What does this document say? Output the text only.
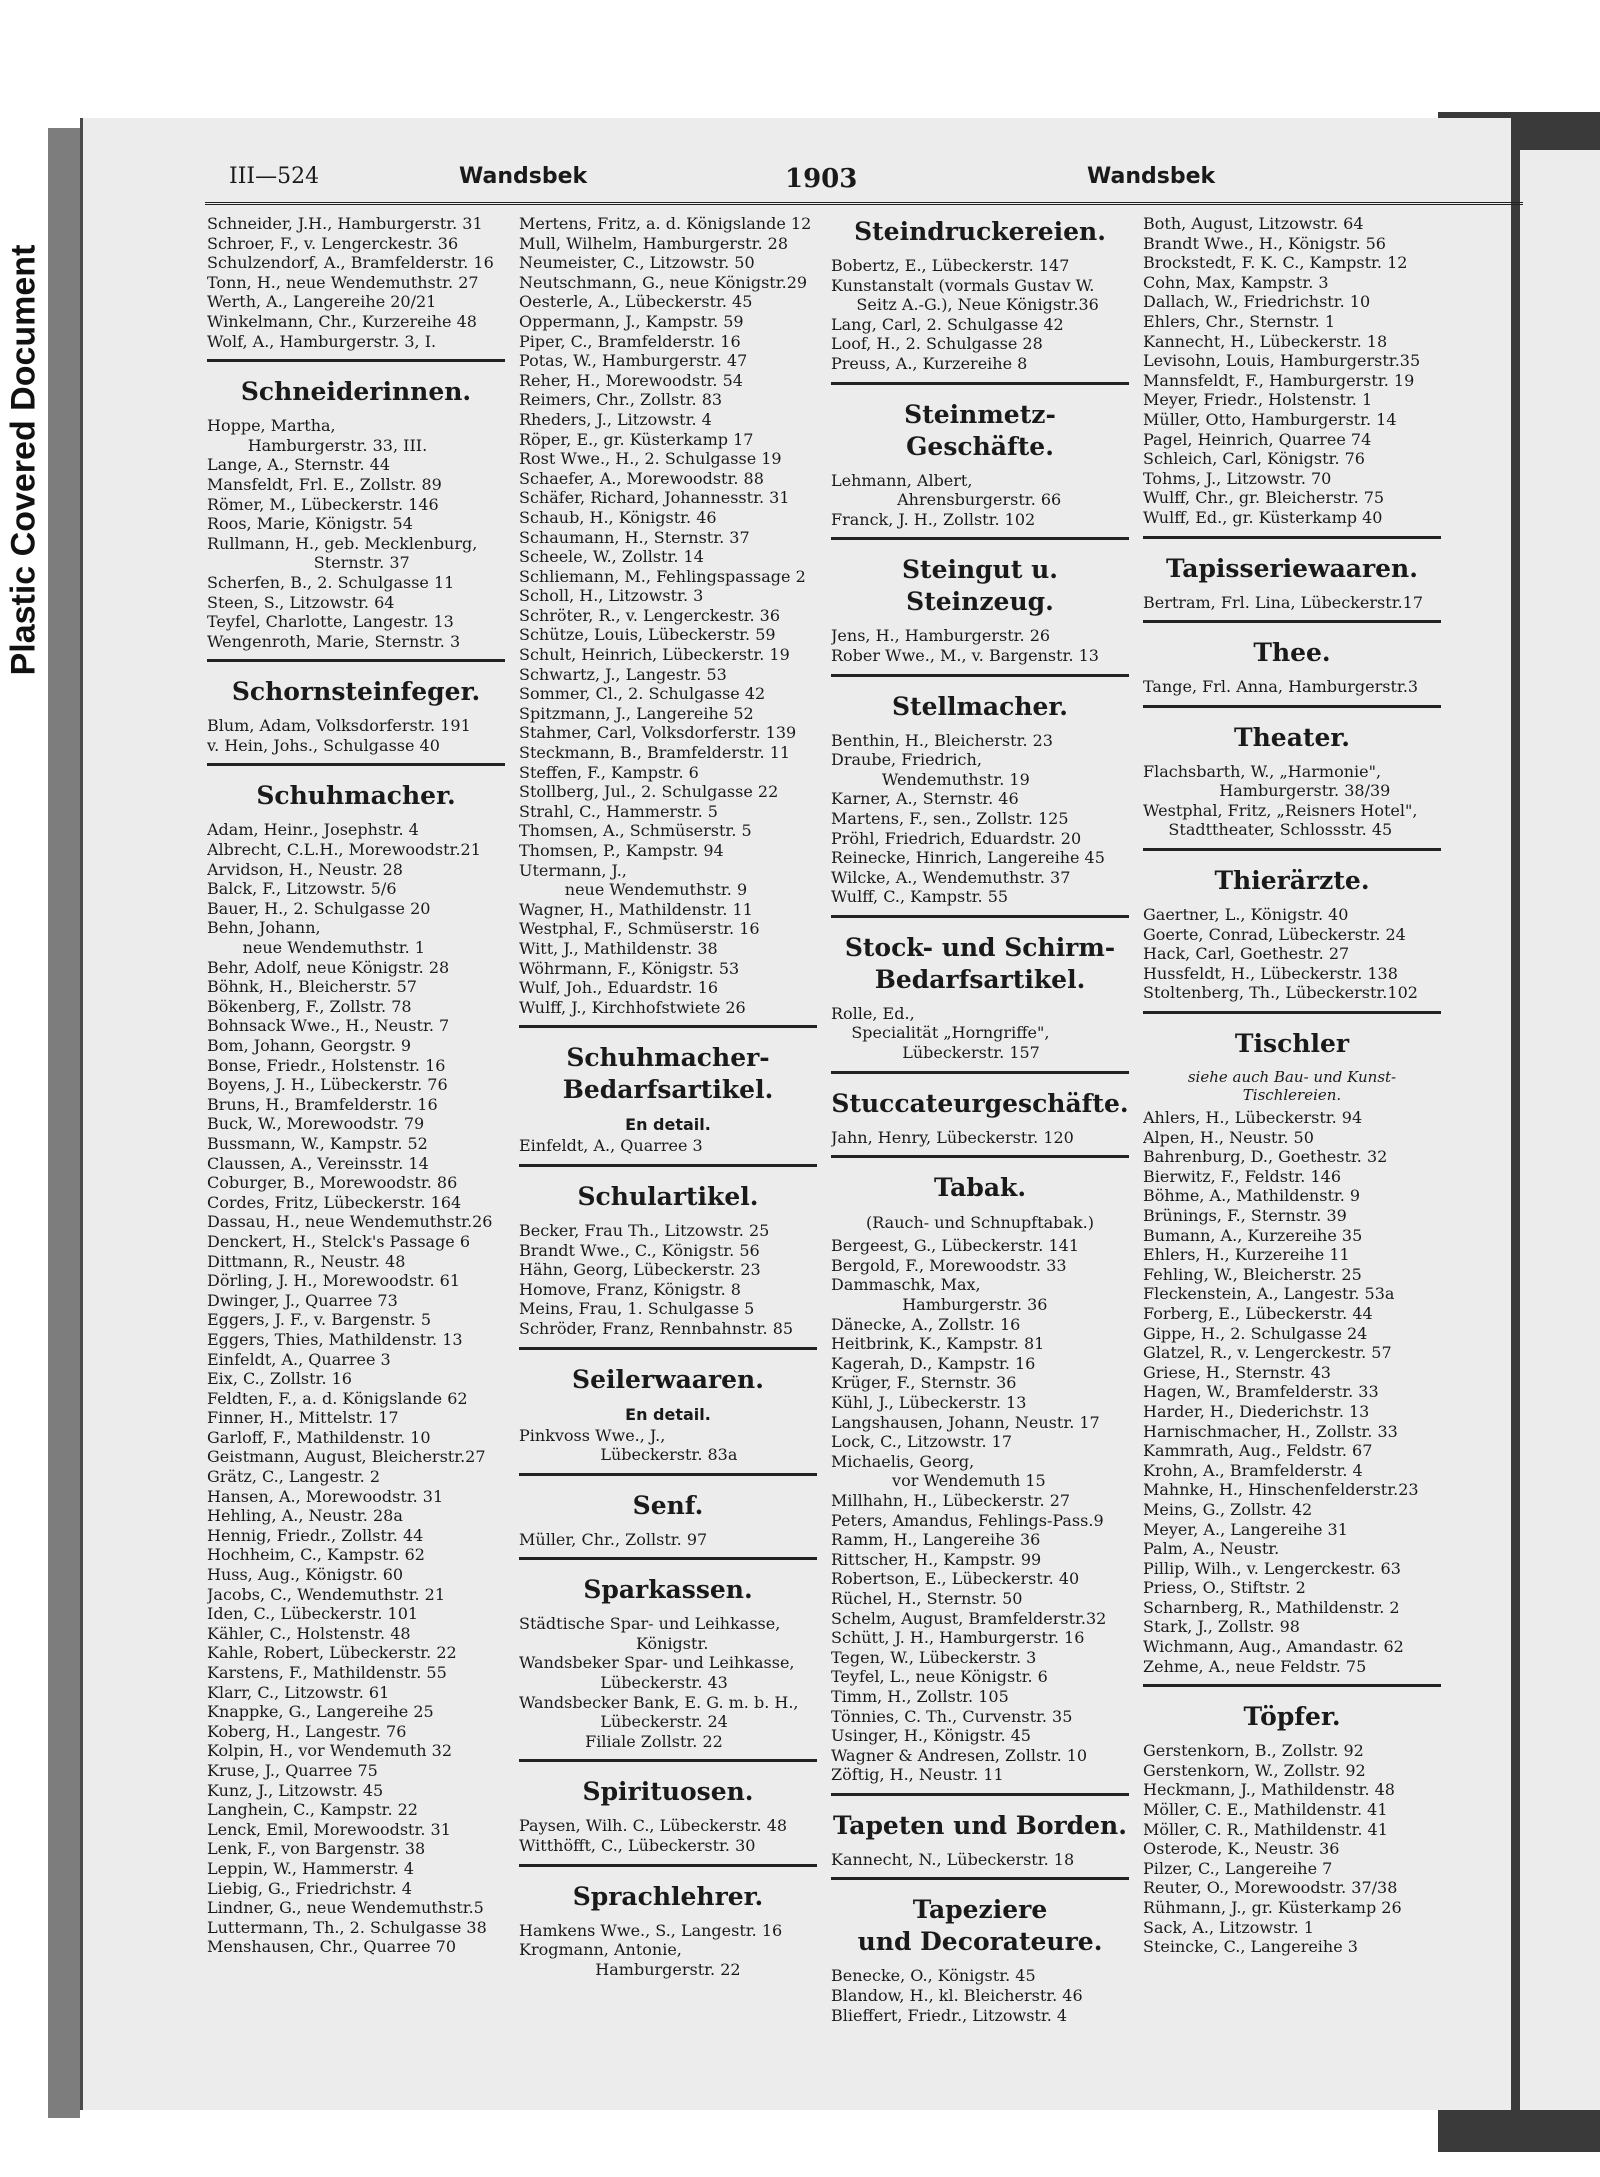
Plastic Covered Document
III—524	Wandsbek	1903	Wandsbek
Schneider, J.H., Hamburgerstr. 31
Schroer, F., v. Lengerckestr. 36
Schulzendorf, A., Bramfelderstr. 16
Tonn, H., neue Wendemuthstr. 27
Werth, A., Langereihe 20/21
Winkelmann, Chr., Kurzereihe 48
Wolf, A., Hamburgerstr. 3, I.
Schneiderinnen.
Hoppe, Martha,
Hamburgerstr. 33, III.
Lange, A., Sternstr. 44
Mansfeldt, Frl. E., Zollstr. 89
Römer, M., Lübeckerstr. 146
Roos, Marie, Königstr. 54
Rullmann, H., geb. Mecklenburg,
Sternstr. 37
Scherfen, B., 2. Schulgasse 11
Steen, S., Litzowstr. 64
Teyfel, Charlotte, Langestr. 13
Wengenroth, Marie, Sternstr. 3
Schornsteinfeger.
Blum, Adam, Volksdorferstr. 191
v. Hein, Johs., Schulgasse 40
Schuhmacher.
Adam, Heinr., Josephstr. 4
Albrecht, C.L.H., Morewoodstr.21
Arvidson, H., Neustr. 28
Balck, F., Litzowstr. 5/6
Bauer, H., 2. Schulgasse 20
Behn, Johann,
neue Wendemuthstr. 1
Behr, Adolf, neue Königstr. 28
Böhnk, H., Bleicherstr. 57
Bökenberg, F., Zollstr. 78
Bohnsack Wwe., H., Neustr. 7
Bom, Johann, Georgstr. 9
Bonse, Friedr., Holstenstr. 16
Boyens, J. H., Lübeckerstr. 76
Bruns, H., Bramfelderstr. 16
Buck, W., Morewoodstr. 79
Bussmann, W., Kampstr. 52
Claussen, A., Vereinsstr. 14
Coburger, B., Morewoodstr. 86
Cordes, Fritz, Lübeckerstr. 164
Dassau, H., neue Wendemuthstr.26
Denckert, H., Stelck's Passage 6
Dittmann, R., Neustr. 48
Dörling, J. H., Morewoodstr. 61
Dwinger, J., Quarree 73
Eggers, J. F., v. Bargenstr. 5
Eggers, Thies, Mathildenstr. 13
Einfeldt, A., Quarree 3
Eix, C., Zollstr. 16
Feldten, F., a. d. Königslande 62
Finner, H., Mittelstr. 17
Garloff, F., Mathildenstr. 10
Geistmann, August, Bleicherstr.27
Grätz, C., Langestr. 2
Hansen, A., Morewoodstr. 31
Hehling, A., Neustr. 28a
Hennig, Friedr., Zollstr. 44
Hochheim, C., Kampstr. 62
Huss, Aug., Königstr. 60
Jacobs, C., Wendemuthstr. 21
Iden, C., Lübeckerstr. 101
Kähler, C., Holstenstr. 48
Kahle, Robert, Lübeckerstr. 22
Karstens, F., Mathildenstr. 55
Klarr, C., Litzowstr. 61
Knappke, G., Langereihe 25
Koberg, H., Langestr. 76
Kolpin, H., vor Wendemuth 32
Kruse, J., Quarree 75
Kunz, J., Litzowstr. 45
Langhein, C., Kampstr. 22
Lenck, Emil, Morewoodstr. 31
Lenk, F., von Bargenstr. 38
Leppin, W., Hammerstr. 4
Liebig, G., Friedrichstr. 4
Lindner, G., neue Wendemuthstr.5
Luttermann, Th., 2. Schulgasse 38
Menshausen, Chr., Quarree 70
Mertens, Fritz, a. d. Königslande 12
Mull, Wilhelm, Hamburgerstr. 28
Neumeister, C., Litzowstr. 50
Neutschmann, G., neue Königstr.29
Oesterle, A., Lübeckerstr. 45
Oppermann, J., Kampstr. 59
Piper, C., Bramfelderstr. 16
Potas, W., Hamburgerstr. 47
Reher, H., Morewoodstr. 54
Reimers, Chr., Zollstr. 83
Rheders, J., Litzowstr. 4
Röper, E., gr. Küsterkamp 17
Rost Wwe., H., 2. Schulgasse 19
Schaefer, A., Morewoodstr. 88
Schäfer, Richard, Johannesstr. 31
Schaub, H., Königstr. 46
Schaumann, H., Sternstr. 37
Scheele, W., Zollstr. 14
Schliemann, M., Fehlingspassage 2
Scholl, H., Litzowstr. 3
Schröter, R., v. Lengerckestr. 36
Schütze, Louis, Lübeckerstr. 59
Schult, Heinrich, Lübeckerstr. 19
Schwartz, J., Langestr. 53
Sommer, Cl., 2. Schulgasse 42
Spitzmann, J., Langereihe 52
Stahmer, Carl, Volksdorferstr. 139
Steckmann, B., Bramfelderstr. 11
Steffen, F., Kampstr. 6
Stollberg, Jul., 2. Schulgasse 22
Strahl, C., Hammerstr. 5
Thomsen, A., Schmüserstr. 5
Thomsen, P., Kampstr. 94
Utermann, J.,
neue Wendemuthstr. 9
Wagner, H., Mathildenstr. 11
Westphal, F., Schmüserstr. 16
Witt, J., Mathildenstr. 38
Wöhrmann, F., Königstr. 53
Wulf, Joh., Eduardstr. 16
Wulff, J., Kirchhofstwiete 26
Schuhmacher-
Bedarfsartikel.
En detail.
Einfeldt, A., Quarree 3
Schulartikel.
Becker, Frau Th., Litzowstr. 25
Brandt Wwe., C., Königstr. 56
Hähn, Georg, Lübeckerstr. 23
Homove, Franz, Königstr. 8
Meins, Frau, 1. Schulgasse 5
Schröder, Franz, Rennbahnstr. 85
Seilerwaaren.
En detail.
Pinkvoss Wwe., J.,
Lübeckerstr. 83a
Senf.
Müller, Chr., Zollstr. 97
Sparkassen.
Städtische Spar- und Leihkasse,
Königstr.
Wandsbeker Spar- und Leihkasse,
Lübeckerstr. 43
Wandsbecker Bank, E. G. m. b. H.,
Lübeckerstr. 24
Filiale Zollstr. 22
Spirituosen.
Paysen, Wilh. C., Lübeckerstr. 48
Witthöfft, C., Lübeckerstr. 30
Sprachlehrer.
Hamkens Wwe., S., Langestr. 16
Krogmann, Antonie,
Hamburgerstr. 22
Steindruckereien.
Bobertz, E., Lübeckerstr. 147
Kunstanstalt (vormals Gustav W.
Seitz A.-G.), Neue Königstr.36
Lang, Carl, 2. Schulgasse 42
Loof, H., 2. Schulgasse 28
Preuss, A., Kurzereihe 8
Steinmetz-Geschäfte.
Lehmann, Albert,
Ahrensburgerstr. 66
Franck, J. H., Zollstr. 102
Steingut u. Steinzeug.
Jens, H., Hamburgerstr. 26
Rober Wwe., M., v. Bargenstr. 13
Stellmacher.
Benthin, H., Bleicherstr. 23
Draube, Friedrich,
Wendemuthstr. 19
Karner, A., Sternstr. 46
Martens, F., sen., Zollstr. 125
Pröhl, Friedrich, Eduardstr. 20
Reinecke, Hinrich, Langereihe 45
Wilcke, A., Wendemuthstr. 37
Wulff, C., Kampstr. 55
Stock- und Schirm-
Bedarfsartikel.
Rolle, Ed.,
Specialität „Horngriffe",
Lübeckerstr. 157
Stuccateurgeschäfte.
Jahn, Henry, Lübeckerstr. 120
Tabak.
(Rauch- und Schnupftabak.)
Bergeest, G., Lübeckerstr. 141
Bergold, F., Morewoodstr. 33
Dammaschk, Max,
Hamburgerstr. 36
Dänecke, A., Zollstr. 16
Heitbrink, K., Kampstr. 81
Kagerah, D., Kampstr. 16
Krüger, F., Sternstr. 36
Kühl, J., Lübeckerstr. 13
Langshausen, Johann, Neustr. 17
Lock, C., Litzowstr. 17
Michaelis, Georg,
vor Wendemuth 15
Millhahn, H., Lübeckerstr. 27
Peters, Amandus, Fehlings-Pass.9
Ramm, H., Langereihe 36
Rittscher, H., Kampstr. 99
Robertson, E., Lübeckerstr. 40
Rüchel, H., Sternstr. 50
Schelm, August, Bramfelderstr.32
Schütt, J. H., Hamburgerstr. 16
Tegen, W., Lübeckerstr. 3
Teyfel, L., neue Königstr. 6
Timm, H., Zollstr. 105
Tönnies, C. Th., Curvenstr. 35
Usinger, H., Königstr. 45
Wagner & Andresen, Zollstr. 10
Zöftig, H., Neustr. 11
Tapeten und Borden.
Kannecht, N., Lübeckerstr. 18
Tapeziere
und Decorateure.
Benecke, O., Königstr. 45
Blandow, H., kl. Bleicherstr. 46
Blieffert, Friedr., Litzowstr. 4
Both, August, Litzowstr. 64
Brandt Wwe., H., Königstr. 56
Brockstedt, F. K. C., Kampstr. 12
Cohn, Max, Kampstr. 3
Dallach, W., Friedrichstr. 10
Ehlers, Chr., Sternstr. 1
Kannecht, H., Lübeckerstr. 18
Levisohn, Louis, Hamburgerstr.35
Mannsfeldt, F., Hamburgerstr. 19
Meyer, Friedr., Holstenstr. 1
Müller, Otto, Hamburgerstr. 14
Pagel, Heinrich, Quarree 74
Schleich, Carl, Königstr. 76
Tohms, J., Litzowstr. 70
Wulff, Chr., gr. Bleicherstr. 75
Wulff, Ed., gr. Küsterkamp 40
Tapisseriewaaren.
Bertram, Frl. Lina, Lübeckerstr.17
Thee.
Tange, Frl. Anna, Hamburgerstr.3
Theater.
Flachsbarth, W., „Harmonie",
Hamburgerstr. 38/39
Westphal, Fritz, „Reisners Hotel",
Stadttheater, Schlossstr. 45
Thierärzte.
Gaertner, L., Königstr. 40
Goerte, Conrad, Lübeckerstr. 24
Hack, Carl, Goethestr. 27
Hussfeldt, H., Lübeckerstr. 138
Stoltenberg, Th., Lübeckerstr.102
Tischler
siehe auch Bau- und Kunst-
Tischlereien.
Ahlers, H., Lübeckerstr. 94
Alpen, H., Neustr. 50
Bahrenburg, D., Goethestr. 32
Bierwitz, F., Feldstr. 146
Böhme, A., Mathildenstr. 9
Brünings, F., Sternstr. 39
Bumann, A., Kurzereihe 35
Ehlers, H., Kurzereihe 11
Fehling, W., Bleicherstr. 25
Fleckenstein, A., Langestr. 53a
Forberg, E., Lübeckerstr. 44
Gippe, H., 2. Schulgasse 24
Glatzel, R., v. Lengerckestr. 57
Griese, H., Sternstr. 43
Hagen, W., Bramfelderstr. 33
Harder, H., Diederichstr. 13
Harnischmacher, H., Zollstr. 33
Kammrath, Aug., Feldstr. 67
Krohn, A., Bramfelderstr. 4
Mahnke, H., Hinschenfelderstr.23
Meins, G., Zollstr. 42
Meyer, A., Langereihe 31
Palm, A., Neustr.
Pillip, Wilh., v. Lengerckestr. 63
Priess, O., Stiftstr. 2
Scharnberg, R., Mathildenstr. 2
Stark, J., Zollstr. 98
Wichmann, Aug., Amandastr. 62
Zehme, A., neue Feldstr. 75
Töpfer.
Gerstenkorn, B., Zollstr. 92
Gerstenkorn, W., Zollstr. 92
Heckmann, J., Mathildenstr. 48
Möller, C. E., Mathildenstr. 41
Möller, C. R., Mathildenstr. 41
Osterode, K., Neustr. 36
Pilzer, C., Langereihe 7
Reuter, O., Morewoodstr. 37/38
Rühmann, J., gr. Küsterkamp 26
Sack, A., Litzowstr. 1
Steincke, C., Langereihe 3
